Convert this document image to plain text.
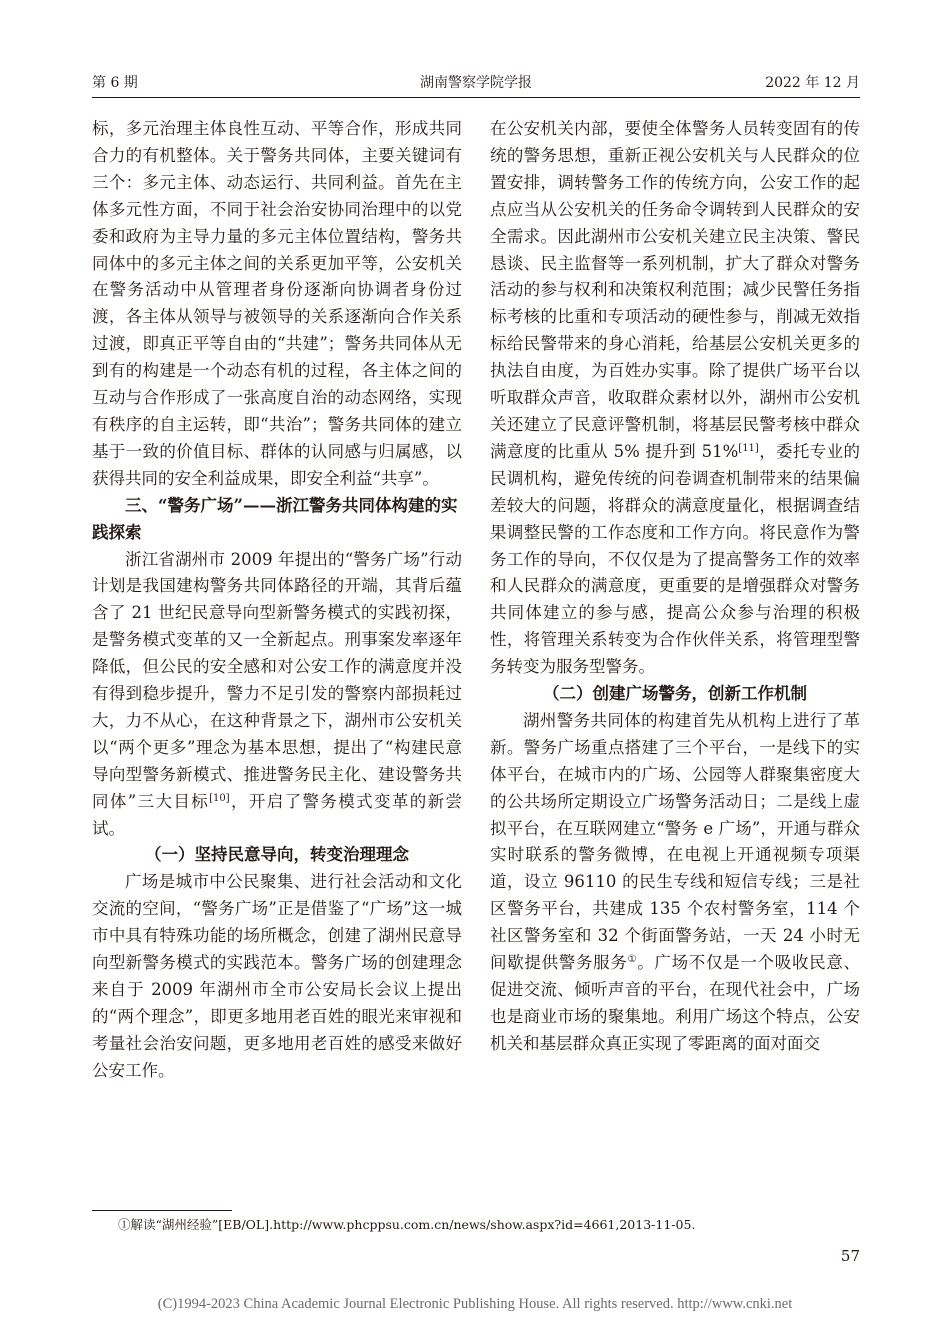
第 6 期	湖南警察学院学报	2022 年 12 月

标，多元治理主体良性互动、平等合作，形成共同合力的有机整体。关于警务共同体，主要关键词有三个：多元主体、动态运行、共同利益。首先在主体多元性方面，不同于社会治安协同治理中的以党委和政府为主导力量的多元主体位置结构，警务共同体中的多元主体之间的关系更加平等，公安机关在警务活动中从管理者身份逐渐向协调者身份过渡，各主体从领导与被领导的关系逐渐向合作关系过渡，即真正平等自由的“共建”；警务共同体从无到有的构建是一个动态有机的过程，各主体之间的互动与合作形成了一张高度自治的动态网络，实现有秩序的自主运转，即“共治”；警务共同体的建立基于一致的价值目标、群体的认同感与归属感，以获得共同的安全利益成果，即安全利益“共享”。

三、“警务广场”——浙江警务共同体构建的实践探索

浙江省湖州市 2009 年提出的“警务广场”行动计划是我国建构警务共同体路径的开端，其背后蕴含了 21 世纪民意导向型新警务模式的实践初探，是警务模式变革的又一全新起点。刑事案发率逐年降低，但公民的安全感和对公安工作的满意度并没有得到稳步提升，警力不足引发的警察内部损耗过大，力不从心，在这种背景之下，湖州市公安机关以“两个更多”理念为基本思想，提出了“构建民意导向型警务新模式、推进警务民主化、建设警务共同体”三大目标[10]，开启了警务模式变革的新尝试。

（一）坚持民意导向，转变治理理念

广场是城市中公民聚集、进行社会活动和文化交流的空间，“警务广场”正是借鉴了“广场”这一城市中具有特殊功能的场所概念，创建了湖州民意导向型新警务模式的实践范本。警务广场的创建理念来自于 2009 年湖州市全市公安局长会议上提出的“两个理念”，即更多地用老百姓的眼光来审视和考量社会治安问题，更多地用老百姓的感受来做好公安工作。

在公安机关内部，要使全体警务人员转变固有的传统的警务思想，重新正视公安机关与人民群众的位置安排，调转警务工作的传统方向，公安工作的起点应当从公安机关的任务命令调转到人民群众的安全需求。因此湖州市公安机关建立民主决策、警民恳谈、民主监督等一系列机制，扩大了群众对警务活动的参与权利和决策权利范围；减少民警任务指标考核的比重和专项活动的硬性参与，削减无效指标给民警带来的身心消耗，给基层公安机关更多的执法自由度，为百姓办实事。除了提供广场平台以听取群众声音，收取群众素材以外，湖州市公安机关还建立了民意评警机制，将基层民警考核中群众满意度的比重从 5% 提升到 51%[11]，委托专业的民调机构，避免传统的问卷调查机制带来的结果偏差较大的问题，将群众的满意度量化，根据调查结果调整民警的工作态度和工作方向。将民意作为警务工作的导向，不仅仅是为了提高警务工作的效率和人民群众的满意度，更重要的是增强群众对警务共同体建立的参与感，提高公众参与治理的积极性，将管理关系转变为合作伙伴关系，将管理型警务转变为服务型警务。

（二）创建广场警务，创新工作机制

湖州警务共同体的构建首先从机构上进行了革新。警务广场重点搭建了三个平台，一是线下的实体平台，在城市内的广场、公园等人群聚集密度大的公共场所定期设立广场警务活动日；二是线上虚拟平台，在互联网建立“警务 e 广场”，开通与群众实时联系的警务微博，在电视上开通视频专项渠道，设立 96110 的民生专线和短信专线；三是社区警务平台，共建成 135 个农村警务室，114 个社区警务室和 32 个街面警务站，一天 24 小时无间歇提供警务服务①。广场不仅是一个吸收民意、促进交流、倾听声音的平台，在现代社会中，广场也是商业市场的聚集地。利用广场这个特点，公安机关和基层群众真正实现了零距离的面对面交

①解读“湖州经验”[EB/OL].http://www.phcppsu.com.cn/news/show.aspx?id=4661,2013-11-05.
57
(C)1994-2023 China Academic Journal Electronic Publishing House. All rights reserved. http://www.cnki.net
